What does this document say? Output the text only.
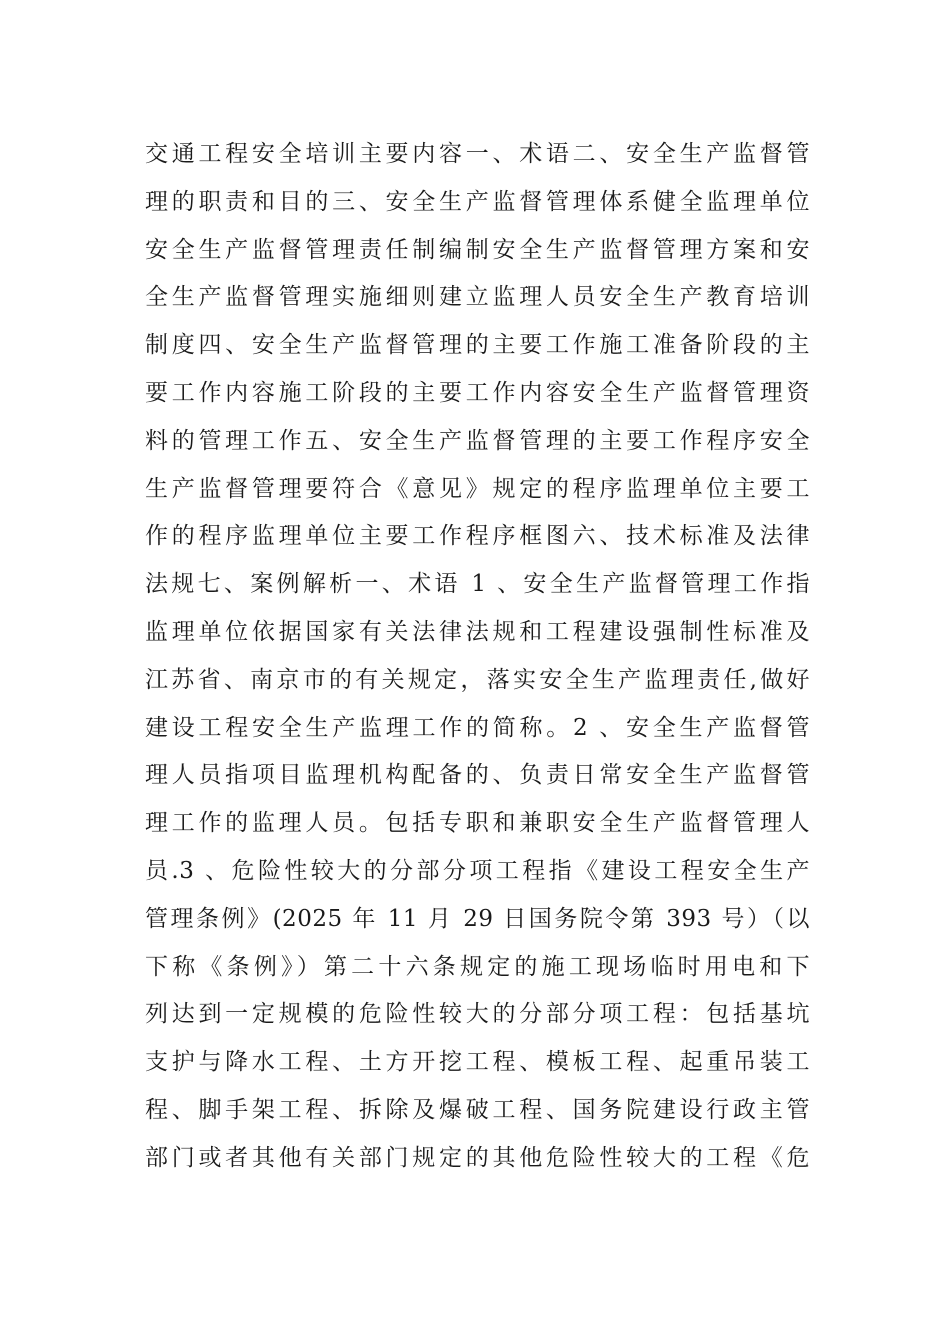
交通工程安全培训主要内容一、术语二、安全生产监督管
理的职责和目的三、安全生产监督管理体系健全监理单位
安全生产监督管理责任制编制安全生产监督管理方案和安
全生产监督管理实施细则建立监理人员安全生产教育培训
制度四、安全生产监督管理的主要工作施工准备阶段的主
要工作内容施工阶段的主要工作内容安全生产监督管理资
料的管理工作五、安全生产监督管理的主要工作程序安全
生产监督管理要符合《意见》规定的程序监理单位主要工
作的程序监理单位主要工作程序框图六、技术标准及法律
法规七、案例解析一、术语 1 、安全生产监督管理工作指
监理单位依据国家有关法律法规和工程建设强制性标准及
江苏省、南京市的有关规定，落实安全生产监理责任,做好
建设工程安全生产监理工作的简称。2 、安全生产监督管
理人员指项目监理机构配备的、负责日常安全生产监督管
理工作的监理人员。包括专职和兼职安全生产监督管理人
员.3 、危险性较大的分部分项工程指《建设工程安全生产
管理条例》(2025 年 11 月 29 日国务院令第 393 号）（以
下称《条例》）第二十六条规定的施工现场临时用电和下
列达到一定规模的危险性较大的分部分项工程：包括基坑
支护与降水工程、土方开挖工程、模板工程、起重吊装工
程、脚手架工程、拆除及爆破工程、国务院建设行政主管
部门或者其他有关部门规定的其他危险性较大的工程《危
